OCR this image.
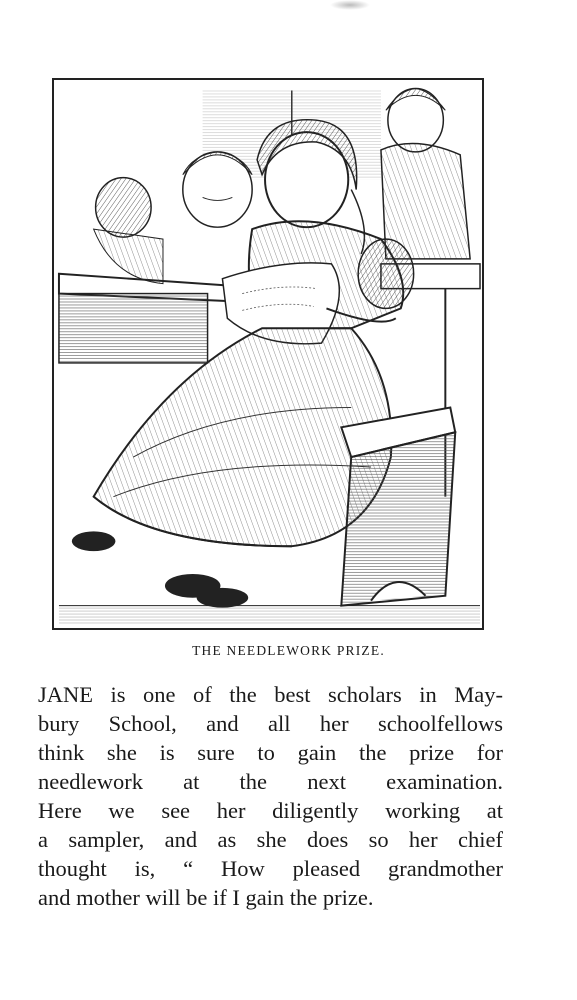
THE NEEDLEWORK PRIZE.
JANE is one of the best scholars in May-
bury School, and all her schoolfellows
think she is sure to gain the prize for
needlework at the next examination.
Here we see her diligently working at
a sampler, and as she does so her chief
thought is, “ How pleased grandmother
and mother will be if I gain the prize.
